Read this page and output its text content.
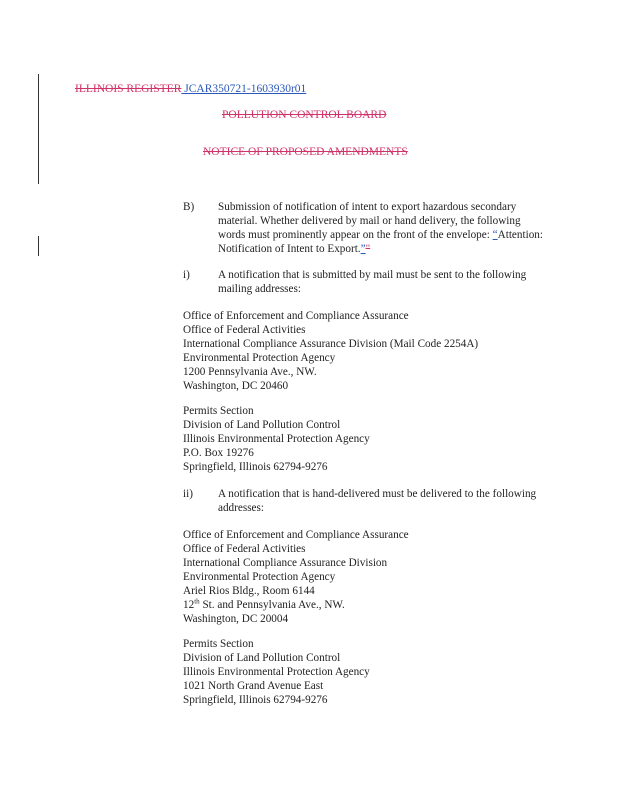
ILLINOIS REGISTER JCAR350721-1603930r01
POLLUTION CONTROL BOARD
NOTICE OF PROPOSED AMENDMENTS
B) Submission of notification of intent to export hazardous secondary material. Whether delivered by mail or hand delivery, the following words must prominently appear on the front of the envelope: “Attention: Notification of Intent to Export.”"
i)	A notification that is submitted by mail must be sent to the following mailing addresses:
Office of Enforcement and Compliance Assurance
Office of Federal Activities
International Compliance Assurance Division (Mail Code 2254A)
Environmental Protection Agency
1200 Pennsylvania Ave., NW.
Washington, DC 20460
Permits Section
Division of Land Pollution Control
Illinois Environmental Protection Agency
P.O. Box 19276
Springfield, Illinois 62794-9276
ii) A notification that is hand-delivered must be delivered to the following addresses:
Office of Enforcement and Compliance Assurance
Office of Federal Activities
International Compliance Assurance Division
Environmental Protection Agency
Ariel Rios Bldg., Room 6144
12th St. and Pennsylvania Ave., NW.
Washington, DC 20004
Permits Section
Division of Land Pollution Control
Illinois Environmental Protection Agency
1021 North Grand Avenue East
Springfield, Illinois 62794-9276
